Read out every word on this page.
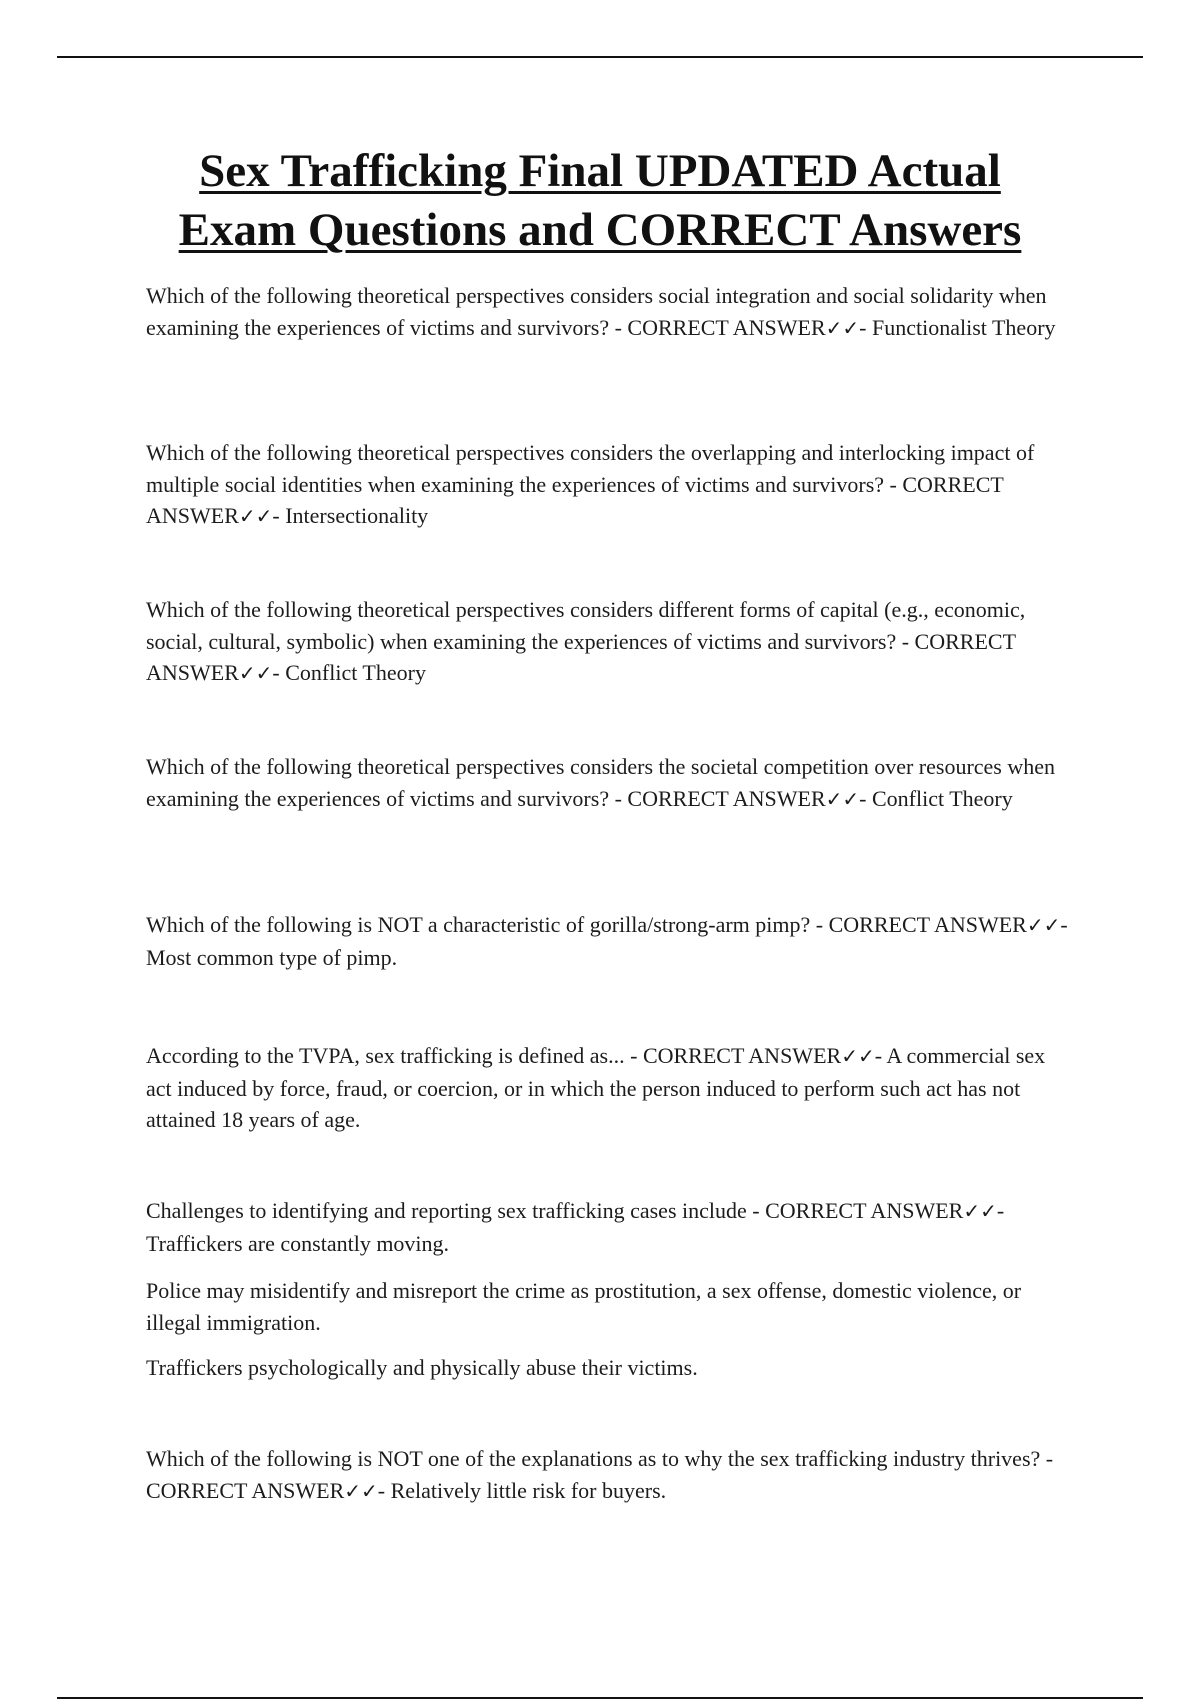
Sex Trafficking Final UPDATED Actual
Exam Questions and CORRECT Answers

Which of the following theoretical perspectives considers social integration and social solidarity when examining the experiences of victims and survivors? - CORRECT ANSWER✓✓- Functionalist Theory

Which of the following theoretical perspectives considers the overlapping and interlocking impact of multiple social identities when examining the experiences of victims and survivors? - CORRECT ANSWER✓✓- Intersectionality

Which of the following theoretical perspectives considers different forms of capital (e.g., economic, social, cultural, symbolic) when examining the experiences of victims and survivors? - CORRECT ANSWER✓✓- Conflict Theory

Which of the following theoretical perspectives considers the societal competition over resources when examining the experiences of victims and survivors? - CORRECT ANSWER✓✓- Conflict Theory

Which of the following is NOT a characteristic of gorilla/strong-arm pimp? - CORRECT ANSWER✓✓- Most common type of pimp.

According to the TVPA, sex trafficking is defined as... - CORRECT ANSWER✓✓- A commercial sex act induced by force, fraud, or coercion, or in which the person induced to perform such act has not attained 18 years of age.

Challenges to identifying and reporting sex trafficking cases include - CORRECT ANSWER✓✓- Traffickers are constantly moving.

Police may misidentify and misreport the crime as prostitution, a sex offense, domestic violence, or illegal immigration.

Traffickers psychologically and physically abuse their victims.

Which of the following is NOT one of the explanations as to why the sex trafficking industry thrives? - CORRECT ANSWER✓✓- Relatively little risk for buyers.
